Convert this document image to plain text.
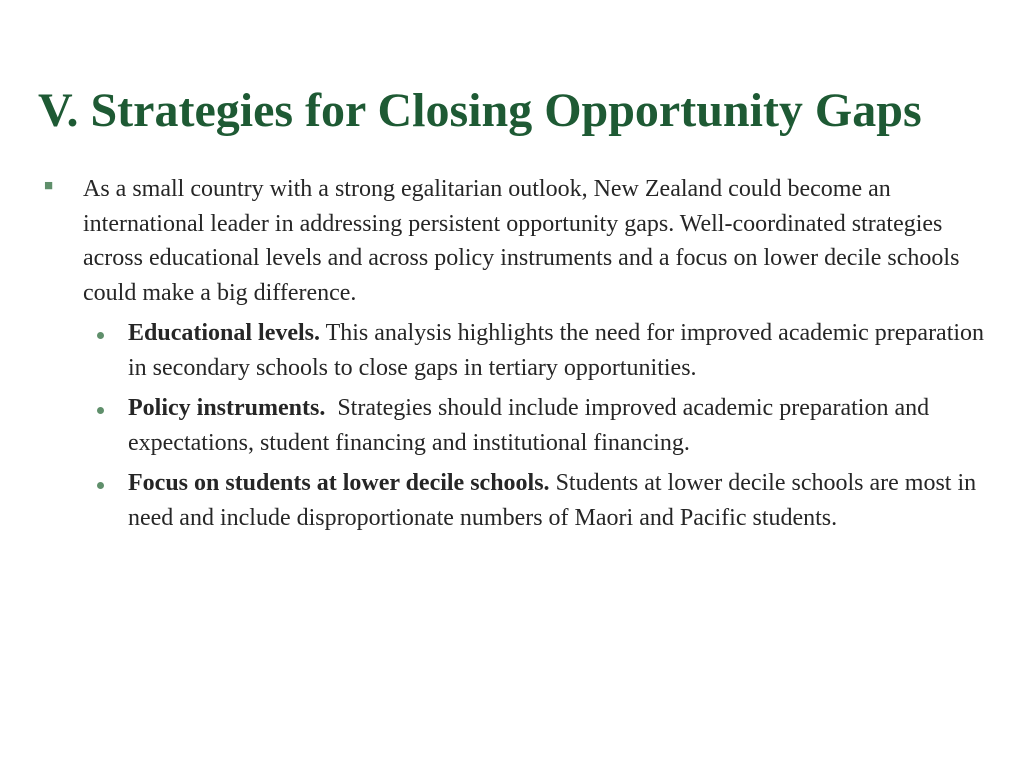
V. Strategies for Closing Opportunity Gaps
■ As a small country with a strong egalitarian outlook, New Zealand could become an international leader in addressing persistent opportunity gaps. Well-coordinated strategies across educational levels and across policy instruments and a focus on lower decile schools could make a big difference.
Educational levels. This analysis highlights the need for improved academic preparation in secondary schools to close gaps in tertiary opportunities.
Policy instruments.  Strategies should include improved academic preparation and expectations, student financing and institutional financing.
Focus on students at lower decile schools. Students at lower decile schools are most in need and include disproportionate numbers of Maori and Pacific students.
